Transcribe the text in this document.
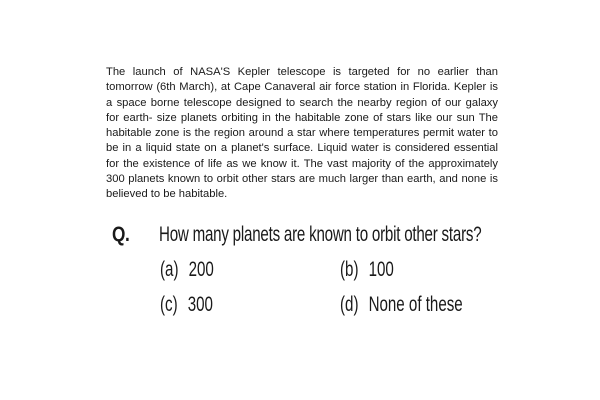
The launch of NASA'S Kepler telescope is targeted for no earlier than tomorrow (6th March), at Cape Canaveral air force station in Florida. Kepler is a space borne telescope designed to search the nearby region of our galaxy for earth- size planets orbiting in the habitable zone of stars like our sun The habitable zone is the region around a star where temperatures permit water to be in a liquid state on a planet's surface. Liquid water is considered essential for the existence of life as we know it. The vast majority of the approximately 300 planets known to orbit other stars are much larger than earth, and none is believed to be habitable.

Q. How many planets are known to orbit other stars?
(a) 200	(b) 100
(c) 300	(d) None of these
